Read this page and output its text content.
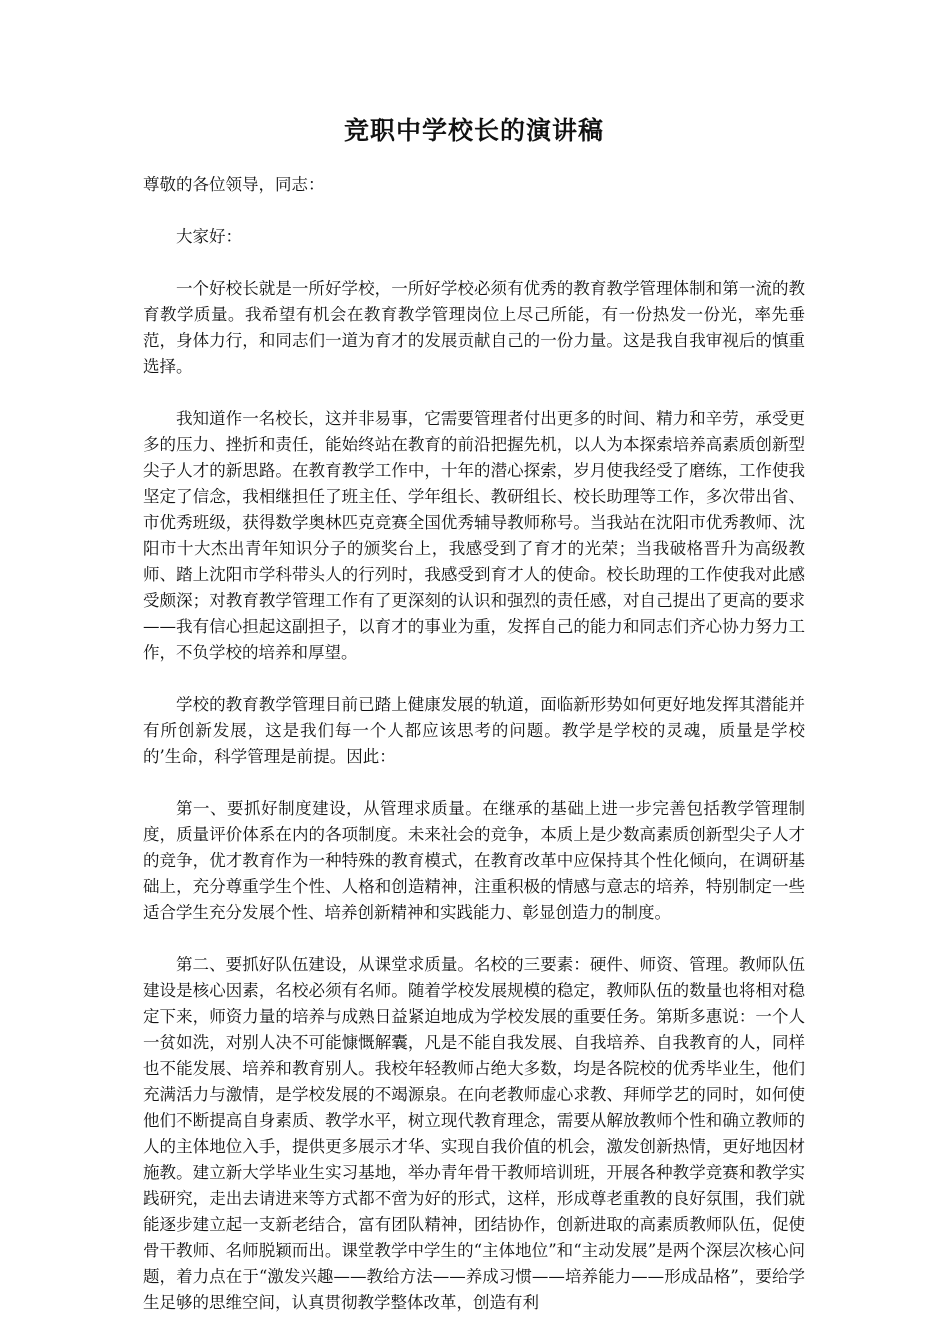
竞职中学校长的演讲稿

尊敬的各位领导，同志：

大家好：

一个好校长就是一所好学校，一所好学校必须有优秀的教育教学管理体制和第一流的教育教学质量。我希望有机会在教育教学管理岗位上尽己所能，有一份热发一份光，率先垂范，身体力行，和同志们一道为育才的发展贡献自己的一份力量。这是我自我审视后的慎重选择。

我知道作一名校长，这并非易事，它需要管理者付出更多的时间、精力和辛劳，承受更多的压力、挫折和责任，能始终站在教育的前沿把握先机，以人为本探索培养高素质创新型尖子人才的新思路。在教育教学工作中，十年的潜心探索，岁月使我经受了磨练，工作使我坚定了信念，我相继担任了班主任、学年组长、教研组长、校长助理等工作，多次带出省、市优秀班级，获得数学奥林匹克竞赛全国优秀辅导教师称号。当我站在沈阳市优秀教师、沈阳市十大杰出青年知识分子的颁奖台上，我感受到了育才的光荣；当我破格晋升为高级教师、踏上沈阳市学科带头人的行列时，我感受到育才人的使命。校长助理的工作使我对此感受颇深；对教育教学管理工作有了更深刻的认识和强烈的责任感，对自己提出了更高的要求——我有信心担起这副担子，以育才的事业为重，发挥自己的能力和同志们齐心协力努力工作，不负学校的培养和厚望。

学校的教育教学管理目前已踏上健康发展的轨道，面临新形势如何更好地发挥其潜能并有所创新发展，这是我们每一个人都应该思考的问题。教学是学校的灵魂，质量是学校的’生命，科学管理是前提。因此：

第一、要抓好制度建设，从管理求质量。在继承的基础上进一步完善包括教学管理制度，质量评价体系在内的各项制度。未来社会的竞争，本质上是少数高素质创新型尖子人才的竞争，优才教育作为一种特殊的教育模式，在教育改革中应保持其个性化倾向，在调研基础上，充分尊重学生个性、人格和创造精神，注重积极的情感与意志的培养，特别制定一些适合学生充分发展个性、培养创新精神和实践能力、彰显创造力的制度。

第二、要抓好队伍建设，从课堂求质量。名校的三要素：硬件、师资、管理。教师队伍建设是核心因素，名校必须有名师。随着学校发展规模的稳定，教师队伍的数量也将相对稳定下来，师资力量的培养与成熟日益紧迫地成为学校发展的重要任务。第斯多惠说：一个人一贫如洗，对别人决不可能慷慨解囊，凡是不能自我发展、自我培养、自我教育的人，同样也不能发展、培养和教育别人。我校年轻教师占绝大多数，均是各院校的优秀毕业生，他们充满活力与激情，是学校发展的不竭源泉。在向老教师虚心求教、拜师学艺的同时，如何使他们不断提高自身素质、教学水平，树立现代教育理念，需要从解放教师个性和确立教师的人的主体地位入手，提供更多展示才华、实现自我价值的机会，激发创新热情，更好地因材施教。建立新大学毕业生实习基地，举办青年骨干教师培训班，开展各种教学竞赛和教学实践研究，走出去请进来等方式都不啻为好的形式，这样，形成尊老重教的良好氛围，我们就能逐步建立起一支新老结合，富有团队精神，团结协作，创新进取的高素质教师队伍，促使骨干教师、名师脱颖而出。课堂教学中学生的“主体地位”和“主动发展”是两个深层次核心问题，着力点在于“激发兴趣——教给方法——养成习惯——培养能力——形成品格”，要给学生足够的思维空间，认真贯彻教学整体改革，创造有利
